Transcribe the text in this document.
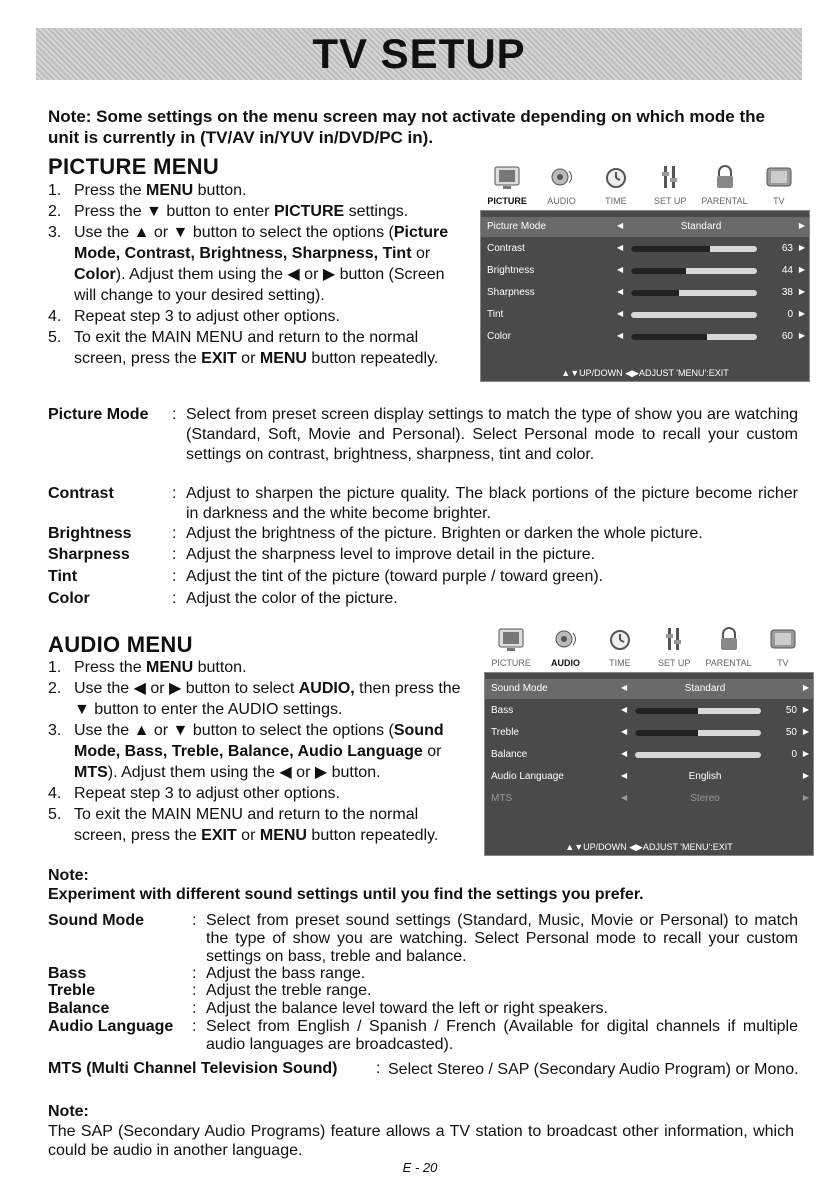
TV SETUP
Note: Some settings on the menu screen may not activate depending on which mode the unit is currently in (TV/AV in/YUV in/DVD/PC in).
PICTURE MENU
1. Press the MENU button.
2. Press the ▼ button to enter PICTURE settings.
3. Use the ▲ or ▼ button to select the options (Picture Mode, Contrast, Brightness, Sharpness, Tint or Color). Adjust them using the ◀ or ▶ button (Screen will change to your desired setting).
4. Repeat step 3 to adjust other options.
5. To exit the MAIN MENU and return to the normal screen, press the EXIT or MENU button repeatedly.
PICTURE	AUDIO	TIME	SET UP	PARENTAL	TV
Picture Mode	◀	Standard	▶
Contrast	◀	63 ▶
Brightness	◀	44 ▶
Sharpness	◀	38 ▶
Tint	◀	0 ▶
Color	◀	60 ▶
▲▼UP/DOWN ◀▶ADJUST 'MENU':EXIT
Picture Mode : Select from preset screen display settings to match the type of show you are watching (Standard, Soft, Movie and Personal). Select Personal mode to recall your custom settings on contrast, brightness, sharpness, tint and color.
Contrast	: Adjust to sharpen the picture quality. The black portions of the picture become richer in darkness and the white become brighter.
Brightness	: Adjust the brightness of the picture. Brighten or darken the whole picture.
Sharpness	: Adjust the sharpness level to improve detail in the picture.
Tint	: Adjust the tint of the picture (toward purple / toward green).
Color	: Adjust the color of the picture.
AUDIO MENU
1. Press the MENU button.
2. Use the ◀ or ▶ button to select AUDIO, then press the ▼ button to enter the AUDIO settings.
3. Use the ▲ or ▼ button to select the options (Sound Mode, Bass, Treble, Balance, Audio Language or MTS). Adjust them using the ◀ or ▶ button.
4. Repeat step 3 to adjust other options.
5. To exit the MAIN MENU and return to the normal screen, press the EXIT or MENU button repeatedly.
PICTURE	AUDIO	TIME	SET UP	PARENTAL	TV
Sound Mode	◀	Standard	▶
Bass	◀	50 ▶
Treble	◀	50 ▶
Balance	◀	0 ▶
Audio Language	◀	English	▶
MTS	◀	Stereo	▶
▲▼UP/DOWN ◀▶ADJUST 'MENU':EXIT
Note:
Experiment with different sound settings until you find the settings you prefer.
Sound Mode	: Select from preset sound settings (Standard, Music, Movie or Personal) to match the type of show you are watching. Select Personal mode to recall your custom settings on bass, treble and balance.
Bass	: Adjust the bass range.
Treble	: Adjust the treble range.
Balance	: Adjust the balance level toward the left or right speakers.
Audio Language : Select from English / Spanish / French (Available for digital channels if multiple audio languages are broadcasted).
MTS (Multi Channel Television Sound) : Select Stereo / SAP (Secondary Audio Program) or Mono.
Note:
The SAP (Secondary Audio Programs) feature allows a TV station to broadcast other information, which could be audio in another language.
E - 20
